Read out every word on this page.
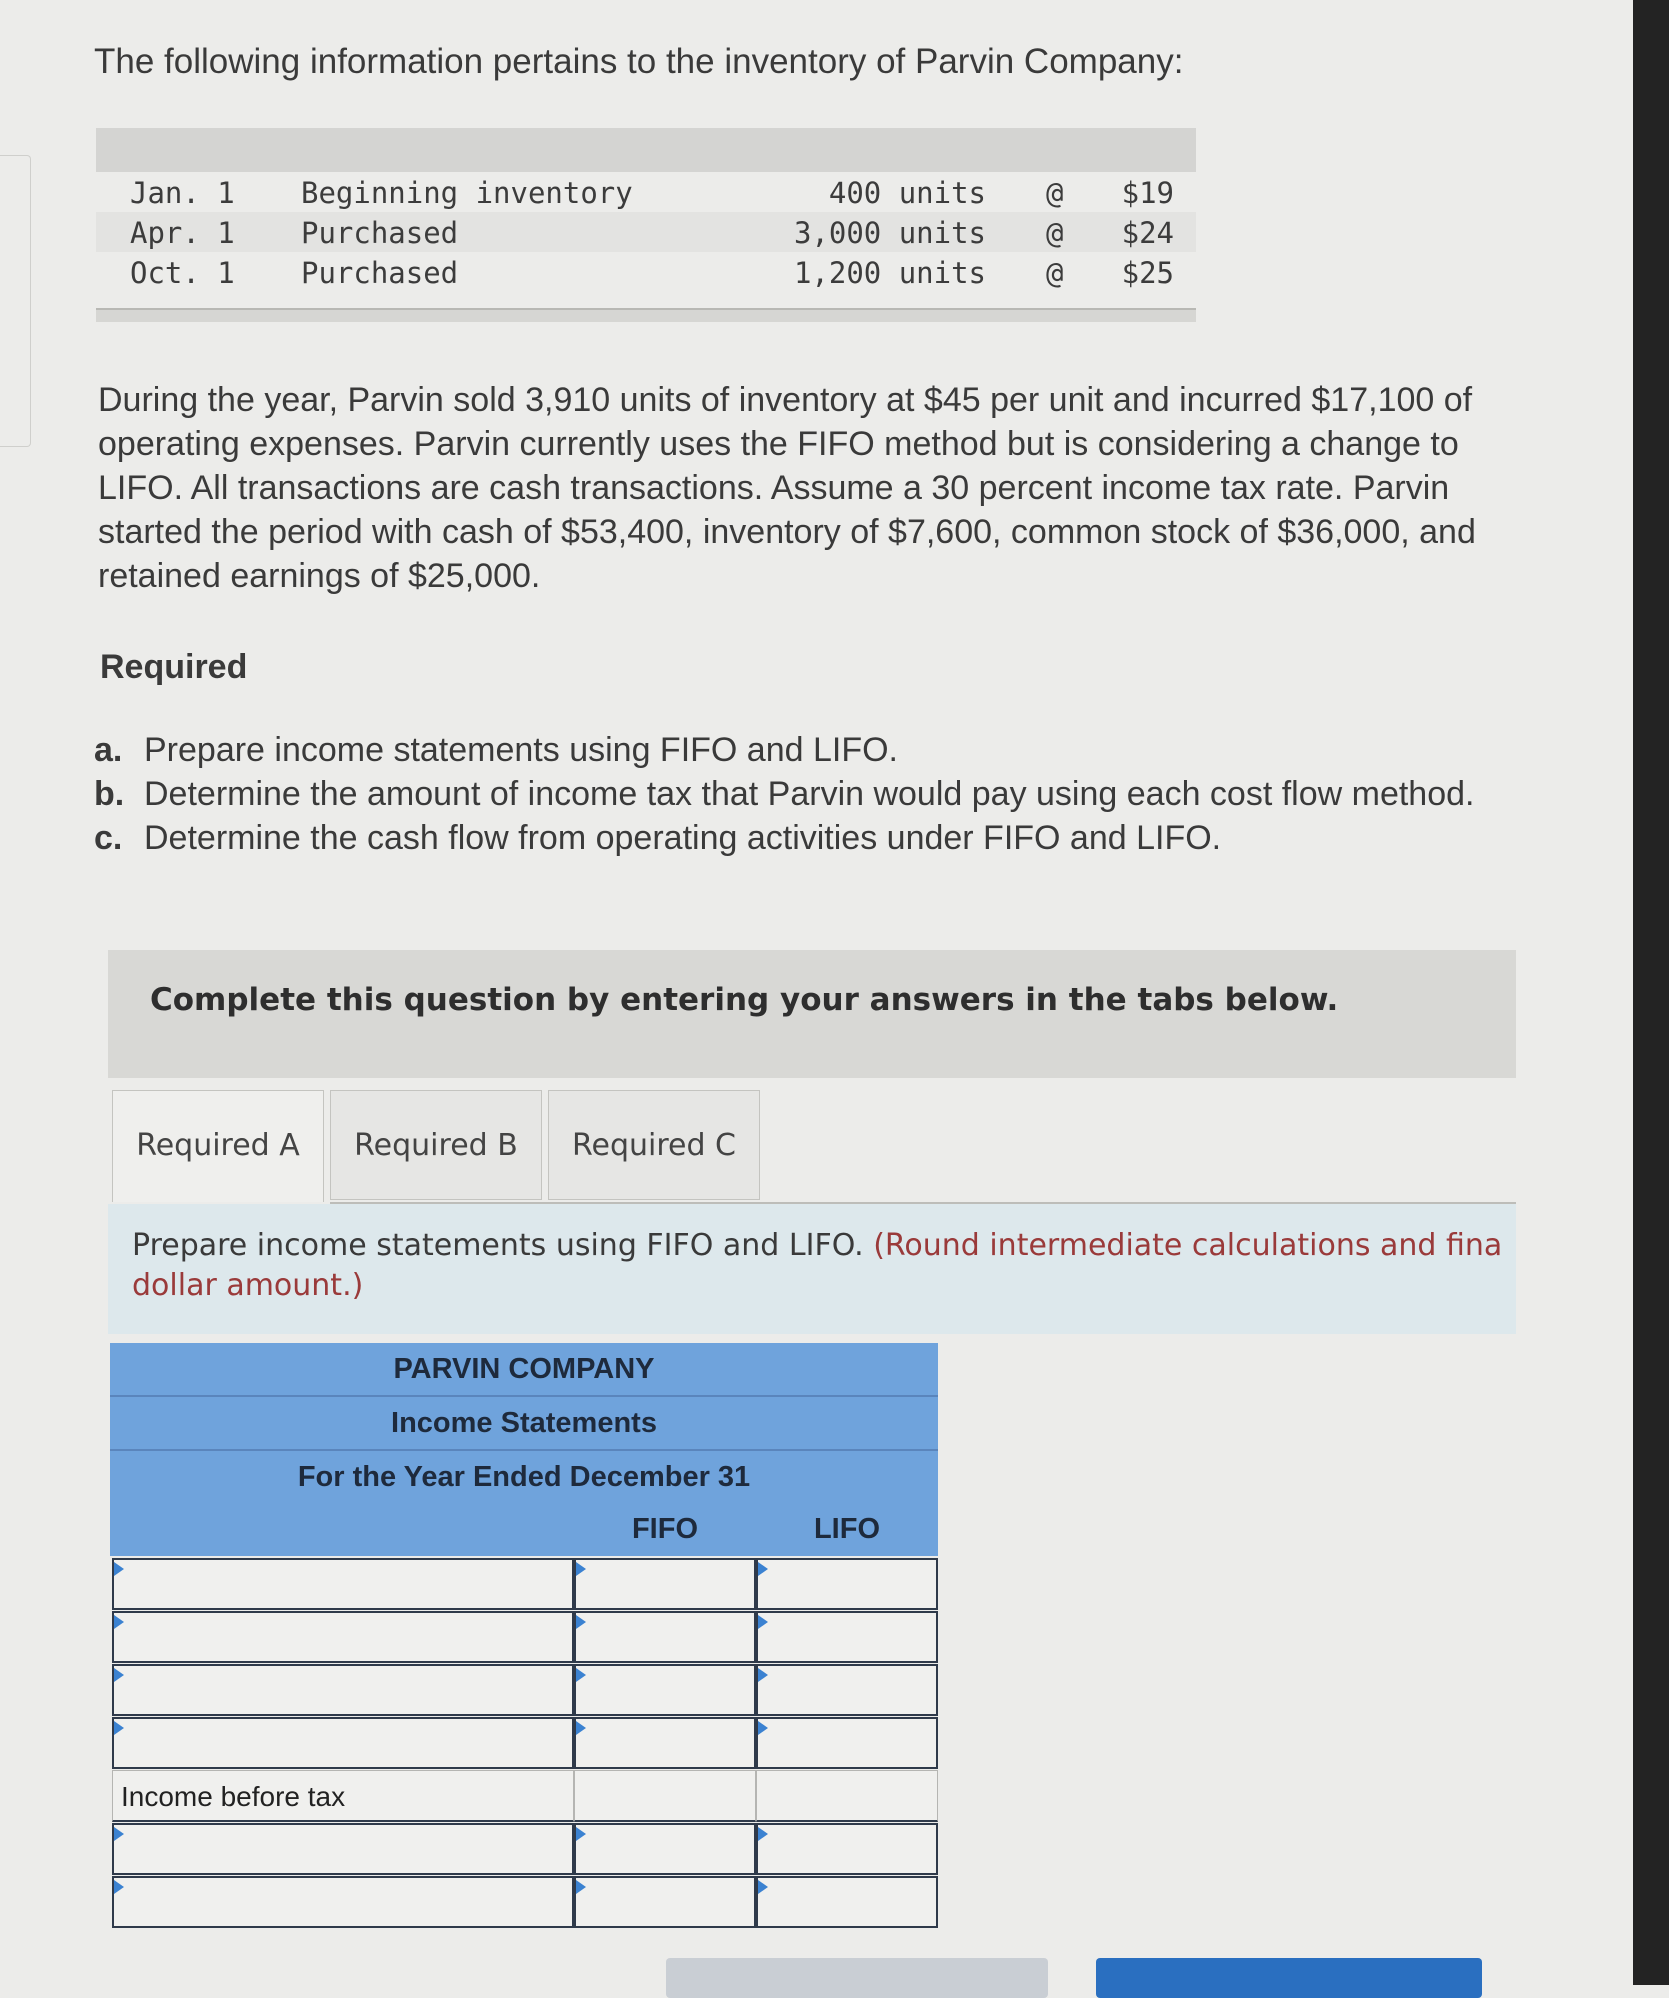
The following information pertains to the inventory of Parvin Company:
Jan. 1 Beginning inventory	400 units @ $19
Apr. 1 Purchased	3,000 units @ $24
Oct. 1 Purchased	1,200 units @ $25
During the year, Parvin sold 3,910 units of inventory at $45 per unit and incurred $17,100 of operating expenses. Parvin currently uses the FIFO method but is considering a change to LIFO. All transactions are cash transactions. Assume a 30 percent income tax rate. Parvin started the period with cash of $53,400, inventory of $7,600, common stock of $36,000, and retained earnings of $25,000.
Required
a. Prepare income statements using FIFO and LIFO.
b. Determine the amount of income tax that Parvin would pay using each cost flow method.
c. Determine the cash flow from operating activities under FIFO and LIFO.
Complete this question by entering your answers in the tabs below.
Required A	Required B	Required C
Prepare income statements using FIFO and LIFO. (Round intermediate calculations and fina
dollar amount.)
PARVIN COMPANY
Income Statements
For the Year Ended December 31
FIFO	LIFO
Income before tax
